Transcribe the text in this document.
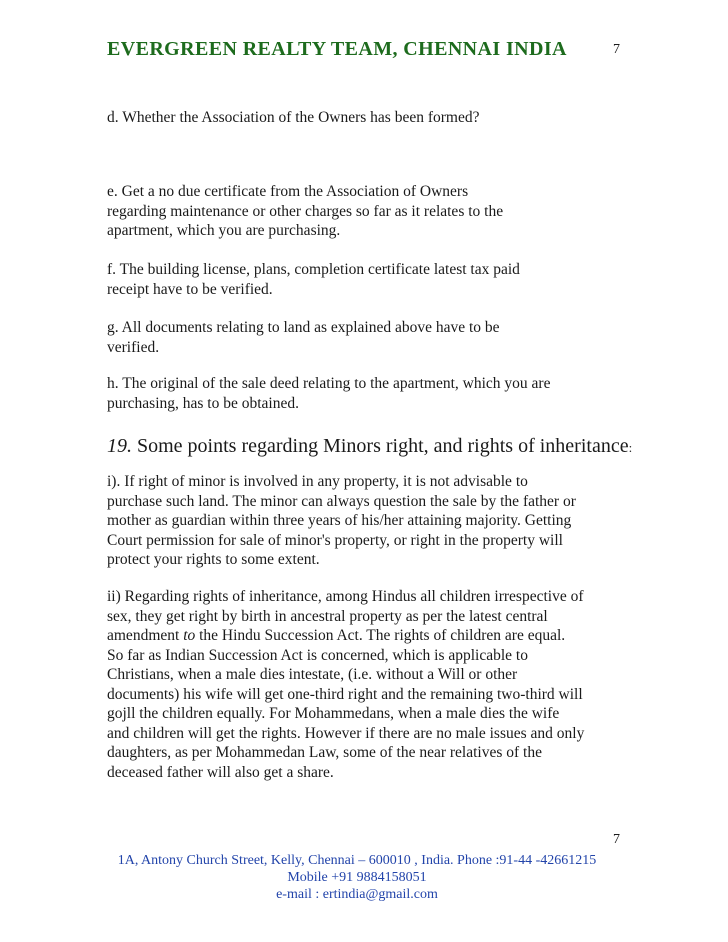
EVERGREEN REALTY TEAM, CHENNAI INDIA	7

d. Whether the Association of the Owners has been formed?

e. Get a no due certificate from the Association of Owners
regarding maintenance or other charges so far as it relates to the
apartment, which you are purchasing.

f. The building license, plans, completion certificate latest tax paid
receipt have to be verified.

g. All documents relating to land as explained above have to be
verified.

h. The original of the sale deed relating to the apartment, which you are
purchasing, has to be obtained.

19. Some points regarding Minors right, and rights of inheritance:

i). If right of minor is involved in any property, it is not advisable to
purchase such land. The minor can always question the sale by the father or
mother as guardian within three years of his/her attaining majority. Getting
Court permission for sale of minor's property, or right in the property will
protect your rights to some extent.

ii) Regarding rights of inheritance, among Hindus all children irrespective of
sex, they get right by birth in ancestral property as per the latest central
amendment to the Hindu Succession Act. The rights of children are equal.
So far as Indian Succession Act is concerned, which is applicable to
Christians, when a male dies intestate, (i.e. without a Will or other
documents) his wife will get one-third right and the remaining two-third will
gojll the children equally. For Mohammedans, when a male dies the wife
and children will get the rights. However if there are no male issues and only
daughters, as per Mohammedan Law, some of the near relatives of the
deceased father will also get a share.

7
1A, Antony Church Street, Kelly, Chennai – 600010 , India. Phone :91-44 -42661215
Mobile +91 9884158051
e-mail : ertindia@gmail.com
